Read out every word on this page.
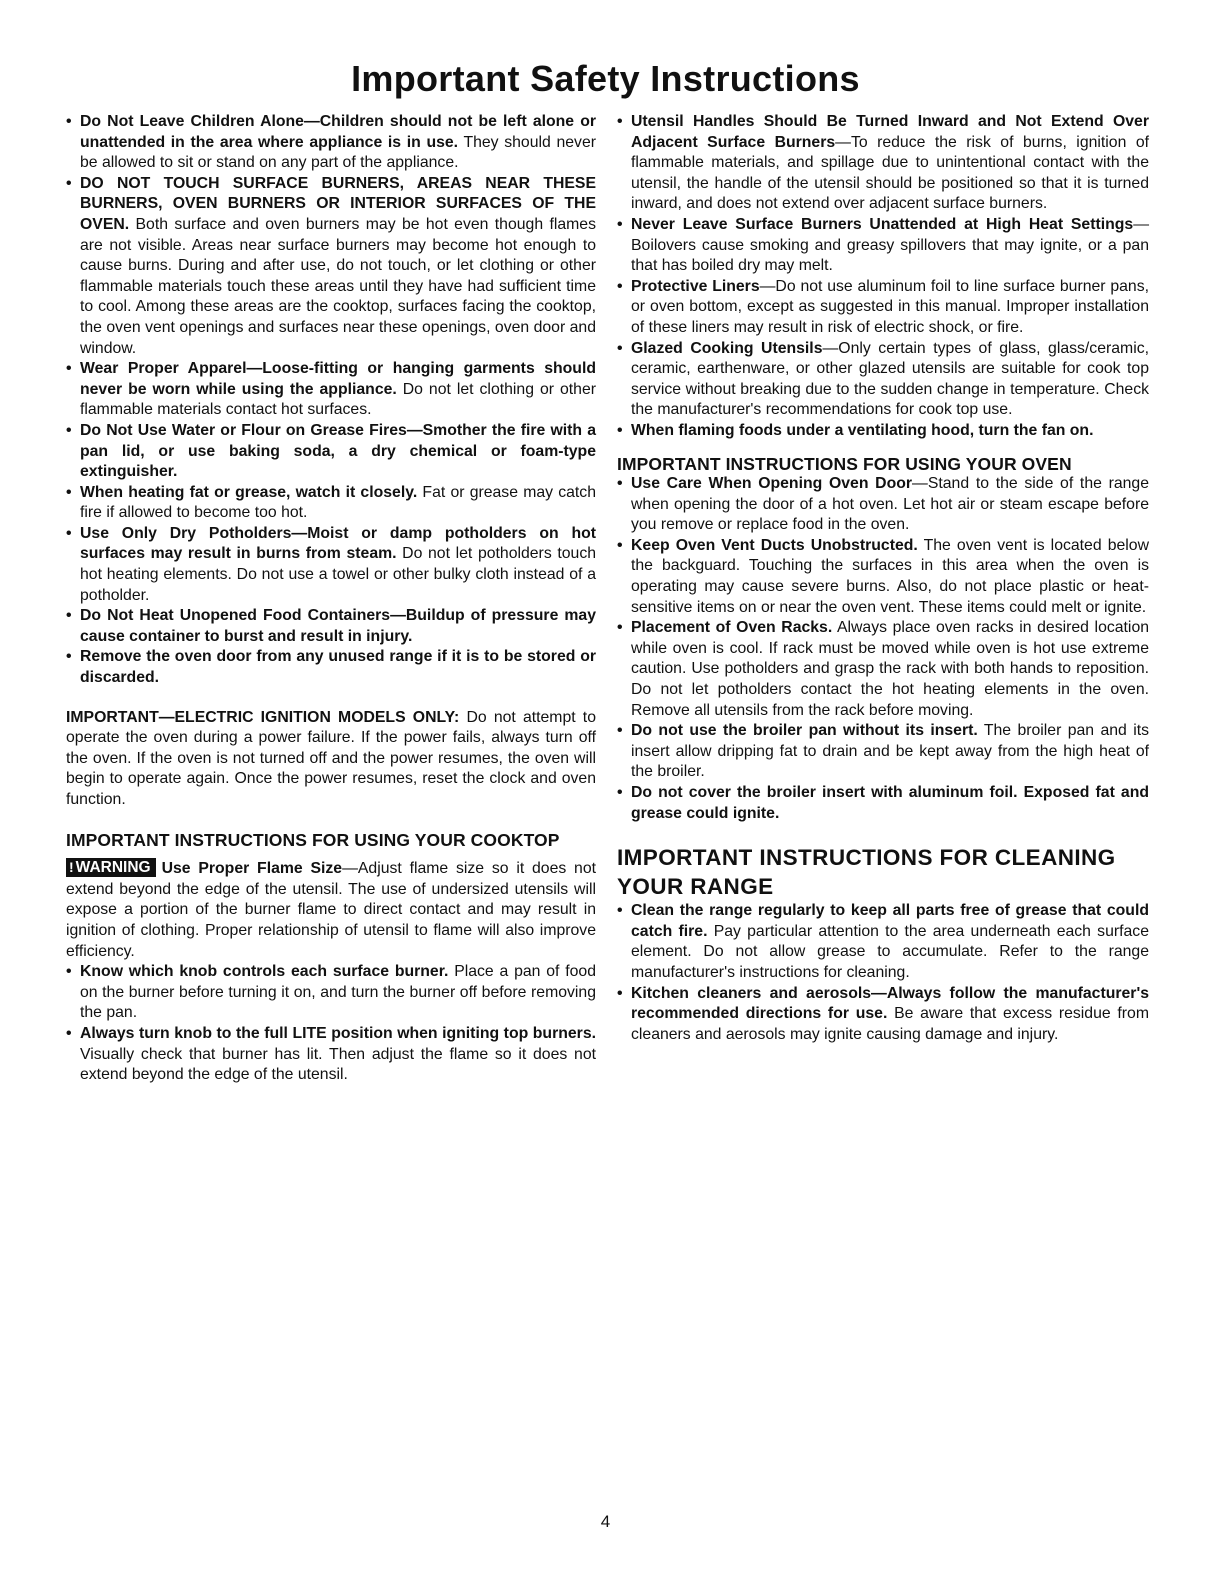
Important Safety Instructions

• Do Not Leave Children Alone—Children should not be left alone or unattended in the area where appliance is in use. They should never be allowed to sit or stand on any part of the appliance.

• DO NOT TOUCH SURFACE BURNERS, AREAS NEAR THESE BURNERS, OVEN BURNERS OR INTERIOR SURFACES OF THE OVEN. Both surface and oven burners may be hot even though flames are not visible. Areas near surface burners may become hot enough to cause burns. During and after use, do not touch, or let clothing or other flammable materials touch these areas until they have had sufficient time to cool. Among these areas are the cooktop, surfaces facing the cooktop, the oven vent openings and surfaces near these openings, oven door and window.

• Wear Proper Apparel—Loose-fitting or hanging garments should never be worn while using the appliance. Do not let clothing or other flammable materials contact hot surfaces.

• Do Not Use Water or Flour on Grease Fires—Smother the fire with a pan lid, or use baking soda, a dry chemical or foam-type extinguisher.

• When heating fat or grease, watch it closely. Fat or grease may catch fire if allowed to become too hot.

• Use Only Dry Potholders—Moist or damp potholders on hot surfaces may result in burns from steam. Do not let potholders touch hot heating elements. Do not use a towel or other bulky cloth instead of a potholder.

• Do Not Heat Unopened Food Containers—Buildup of pressure may cause container to burst and result in injury.

• Remove the oven door from any unused range if it is to be stored or discarded.

IMPORTANT—ELECTRIC IGNITION MODELS ONLY: Do not attempt to operate the oven during a power failure. If the power fails, always turn off the oven. If the oven is not turned off and the power resumes, the oven will begin to operate again. Once the power resumes, reset the clock and oven function.

IMPORTANT INSTRUCTIONS FOR USING YOUR COOKTOP

! WARNING Use Proper Flame Size—Adjust flame size so it does not extend beyond the edge of the utensil. The use of undersized utensils will expose a portion of the burner flame to direct contact and may result in ignition of clothing. Proper relationship of utensil to flame will also improve efficiency.

• Know which knob controls each surface burner. Place a pan of food on the burner before turning it on, and turn the burner off before removing the pan.

• Always turn knob to the full LITE position when igniting top burners. Visually check that burner has lit. Then adjust the flame so it does not extend beyond the edge of the utensil.

• Utensil Handles Should Be Turned Inward and Not Extend Over Adjacent Surface Burners—To reduce the risk of burns, ignition of flammable materials, and spillage due to unintentional contact with the utensil, the handle of the utensil should be positioned so that it is turned inward, and does not extend over adjacent surface burners.

• Never Leave Surface Burners Unattended at High Heat Settings—Boilovers cause smoking and greasy spillovers that may ignite, or a pan that has boiled dry may melt.

• Protective Liners—Do not use aluminum foil to line surface burner pans, or oven bottom, except as suggested in this manual. Improper installation of these liners may result in risk of electric shock, or fire.

• Glazed Cooking Utensils—Only certain types of glass, glass/ceramic, ceramic, earthenware, or other glazed utensils are suitable for cook top service without breaking due to the sudden change in temperature. Check the manufacturer's recommendations for cook top use.

• When flaming foods under a ventilating hood, turn the fan on.

IMPORTANT INSTRUCTIONS FOR USING YOUR OVEN

• Use Care When Opening Oven Door—Stand to the side of the range when opening the door of a hot oven. Let hot air or steam escape before you remove or replace food in the oven.

• Keep Oven Vent Ducts Unobstructed. The oven vent is located below the backguard. Touching the surfaces in this area when the oven is operating may cause severe burns. Also, do not place plastic or heat-sensitive items on or near the oven vent. These items could melt or ignite.

• Placement of Oven Racks. Always place oven racks in desired location while oven is cool. If rack must be moved while oven is hot use extreme caution. Use potholders and grasp the rack with both hands to reposition. Do not let potholders contact the hot heating elements in the oven. Remove all utensils from the rack before moving.

• Do not use the broiler pan without its insert. The broiler pan and its insert allow dripping fat to drain and be kept away from the high heat of the broiler.

• Do not cover the broiler insert with aluminum foil. Exposed fat and grease could ignite.

IMPORTANT INSTRUCTIONS FOR CLEANING YOUR RANGE

• Clean the range regularly to keep all parts free of grease that could catch fire. Pay particular attention to the area underneath each surface element. Do not allow grease to accumulate. Refer to the range manufacturer's instructions for cleaning.

• Kitchen cleaners and aerosols—Always follow the manufacturer's recommended directions for use. Be aware that excess residue from cleaners and aerosols may ignite causing damage and injury.

4
